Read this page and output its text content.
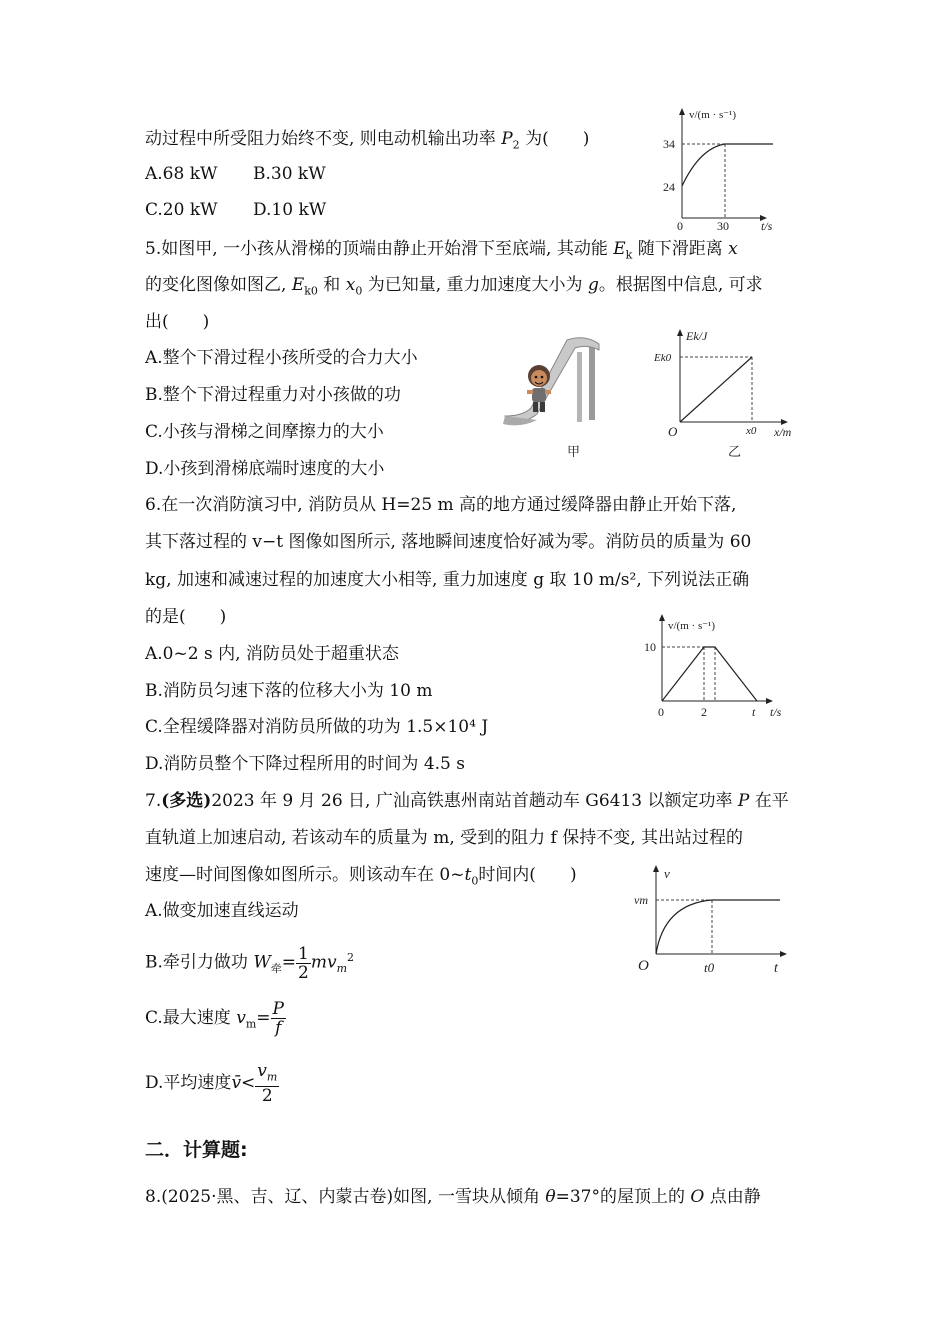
动过程中所受阻力始终不变, 则电动机输出功率 $P_2$ 为(　　)
A.68 kW B.30 kW
C.20 kW D.10 kW
v/(m · s⁻¹)
34
24
0	30	t/s
5.如图甲, 一小孩从滑梯的顶端由静止开始滑下至底端, 其动能 $E_k$ 随下滑距离 x
的变化图像如图乙, $E_{k0}$ 和 $x_0$ 为已知量, 重力加速度大小为 g。根据图中信息, 可求
出(　　)
A.整个下滑过程小孩所受的合力大小
B.整个下滑过程重力对小孩做的功
C.小孩与滑梯之间摩擦力的大小
D.小孩到滑梯底端时速度的大小
甲
Ek/J
Ek0
O	x0 x/m
乙
6.在一次消防演习中, 消防员从 H=25 m 高的地方通过缓降器由静止开始下落,
其下落过程的 v−t 图像如图所示, 落地瞬间速度恰好减为零。消防员的质量为 60
kg, 加速和减速过程的加速度大小相等, 重力加速度 g 取 10 m/s², 下列说法正确
的是(　　)
A.0~2 s 内, 消防员处于超重状态
B.消防员匀速下落的位移大小为 10 m
C.全程缓降器对消防员所做的功为 1.5×10⁴ J
D.消防员整个下降过程所用的时间为 4.5 s
v/(m · s⁻¹)
10
0	2	t t/s
7.(多选)2023 年 9 月 26 日, 广汕高铁惠州南站首趟动车 G6413 以额定功率 P 在平
直轨道上加速启动, 若该动车的质量为 m, 受到的阻力 f 保持不变, 其出站过程的
速度—时间图像如图所示。则该动车在 $0\sim t_0$时间内(　　)
A.做变加速直线运动
B.牵引力做功 $W_牵= \frac{1}{2} mv_m^2$
C.最大速度 $v_m= \frac{P}{f}$
D.平均速度v̄< $\frac{v_m}{2}$
v
vm
O	t0	t
二．计算题:
8.(2025·黑、吉、辽、内蒙古卷)如图, 一雪块从倾角 θ=37°的屋顶上的 O 点由静
